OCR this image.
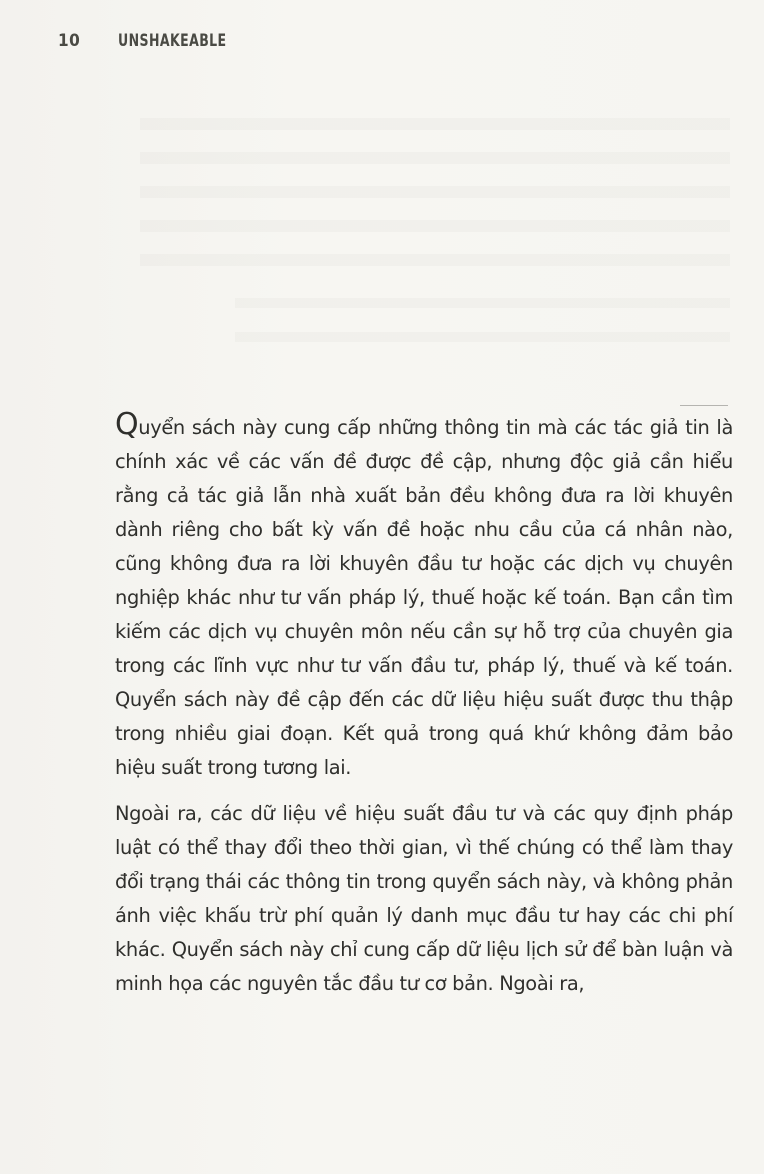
10 UNSHAKEABLE

Quyển sách này cung cấp những thông tin mà các tác giả tin là chính xác về các vấn đề được đề cập, nhưng độc giả cần hiểu rằng cả tác giả lẫn nhà xuất bản đều không đưa ra lời khuyên dành riêng cho bất kỳ vấn đề hoặc nhu cầu của cá nhân nào, cũng không đưa ra lời khuyên đầu tư hoặc các dịch vụ chuyên nghiệp khác như tư vấn pháp lý, thuế hoặc kế toán. Bạn cần tìm kiếm các dịch vụ chuyên môn nếu cần sự hỗ trợ của chuyên gia trong các lĩnh vực như tư vấn đầu tư, pháp lý, thuế và kế toán. Quyển sách này đề cập đến các dữ liệu hiệu suất được thu thập trong nhiều giai đoạn. Kết quả trong quá khứ không đảm bảo hiệu suất trong tương lai.

Ngoài ra, các dữ liệu về hiệu suất đầu tư và các quy định pháp luật có thể thay đổi theo thời gian, vì thế chúng có thể làm thay đổi trạng thái các thông tin trong quyển sách này, và không phản ánh việc khấu trừ phí quản lý danh mục đầu tư hay các chi phí khác. Quyển sách này chỉ cung cấp dữ liệu lịch sử để bàn luận và minh họa các nguyên tắc đầu tư cơ bản. Ngoài ra,
